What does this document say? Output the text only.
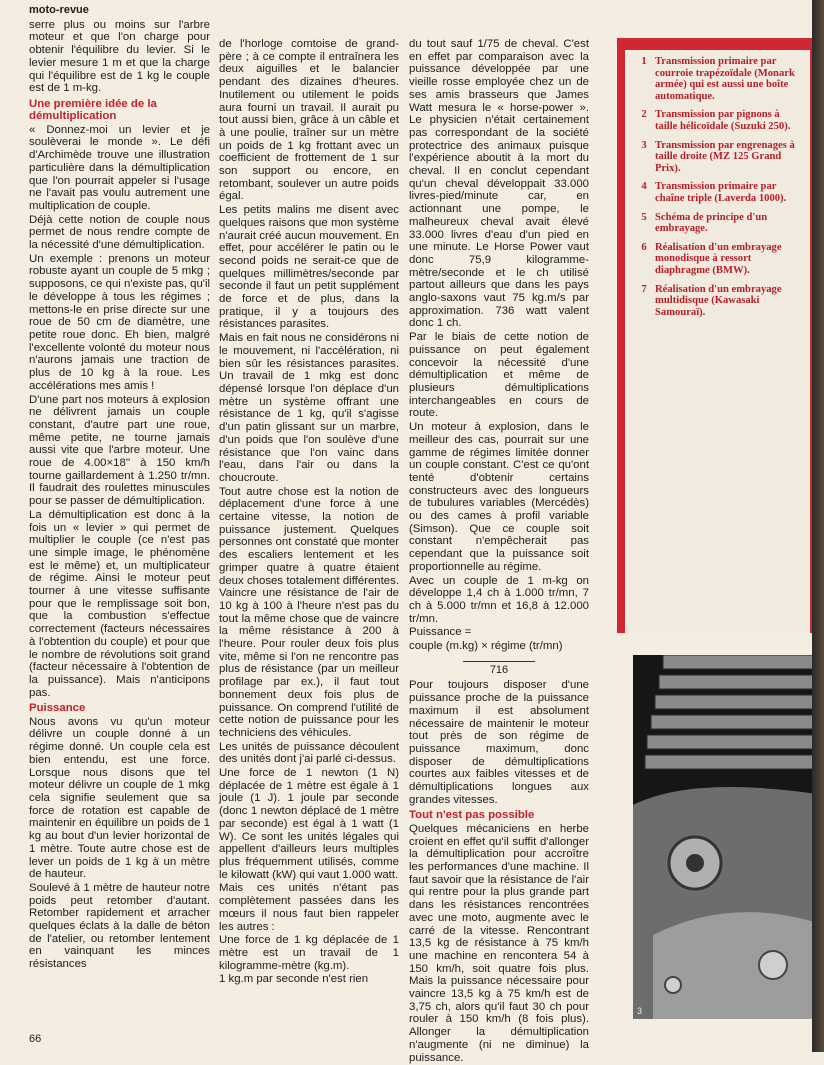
moto-revue

serre plus ou moins sur l'arbre moteur et que l'on charge pour obtenir l'équilibre du levier. Si le levier mesure 1 m et que la charge qui l'équilibre est de 1 kg le couple est de 1 m-kg.

Une première idée de la démultiplication

« Donnez-moi un levier et je soulèverai le monde ». Le défi d'Archimède trouve une illustration particulière dans la démultiplication que l'on pourrait appeler si l'usage ne l'avait pas voulu autrement une multiplication de couple.

Déjà cette notion de couple nous permet de nous rendre compte de la nécessité d'une démultiplication.

Un exemple : prenons un moteur robuste ayant un couple de 5 mkg ; supposons, ce qui n'existe pas, qu'il le développe à tous les régimes ; mettons-le en prise directe sur une roue de 50 cm de diamètre, une petite roue donc. Eh bien, malgré l'excellente volonté du moteur nous n'aurons jamais une traction de plus de 10 kg à la roue. Les accélérations mes amis !

D'une part nos moteurs à explosion ne délivrent jamais un couple constant, d'autre part une roue, même petite, ne tourne jamais aussi vite que l'arbre moteur. Une roue de 4.00×18'' à 150 km/h tourne gaillardement à 1.250 tr/mn. Il faudrait des roulettes minuscules pour se passer de démultiplication.

La démultiplication est donc à la fois un « levier » qui permet de multiplier le couple (ce n'est pas une simple image, le phénomène est le même) et, un multiplicateur de régime. Ainsi le moteur peut tourner à une vitesse suffisante pour que le remplissage soit bon, que la combustion s'effectue correctement (facteurs nécessaires à l'obtention du couple) et pour que le nombre de révolutions soit grand (facteur nécessaire à l'obtention de la puissance). Mais n'anticipons pas.

Puissance

Nous avons vu qu'un moteur délivre un couple donné à un régime donné. Un couple cela est bien entendu, est une force. Lorsque nous disons que tel moteur délivre un couple de 1 mkg cela signifie seulement que sa force de rotation est capable de maintenir en équilibre un poids de 1 kg au bout d'un levier horizontal de 1 mètre. Toute autre chose est de lever un poids de 1 kg à un mètre de hauteur.

Soulevé à 1 mètre de hauteur notre poids peut retomber d'autant. Retomber rapidement et arracher quelques éclats à la dalle de béton de l'atelier, ou retomber lentement en vainquant les minces résistances

de l'horloge comtoise de grand-père ; à ce compte il entraînera les deux aiguilles et le balancier pendant des dizaines d'heures. Inutilement ou utilement le poids aura fourni un travail. Il aurait pu tout aussi bien, grâce à un câble et à une poulie, traîner sur un mètre un poids de 1 kg frottant avec un coefficient de frottement de 1 sur son support ou encore, en retombant, soulever un autre poids égal.

Les petits malins me disent avec quelques raisons que mon système n'aurait créé aucun mouvement. En effet, pour accélérer le patin ou le second poids ne serait-ce que de quelques millimètres/seconde par seconde il faut un petit supplément de force et de plus, dans la pratique, il y a toujours des résistances parasites.

Mais en fait nous ne considérons ni le mouvement, ni l'accélération, ni bien sûr les résistances parasites. Un travail de 1 mkg est donc dépensé lorsque l'on déplace d'un mètre un système offrant une résistance de 1 kg, qu'il s'agisse d'un patin glissant sur un marbre, d'un poids que l'on soulève d'une résistance que l'on vainc dans l'eau, dans l'air ou dans la choucroute.

Tout autre chose est la notion de déplacement d'une force à une certaine vitesse, la notion de puissance justement. Quelques personnes ont constaté que monter des escaliers lentement et les grimper quatre à quatre étaient deux choses totalement différentes. Vaincre une résistance de l'air de 10 kg à 100 à l'heure n'est pas du tout la même chose que de vaincre la même résistance à 200 à l'heure. Pour rouler deux fois plus vite, même si l'on ne rencontre pas plus de résistance (par un meilleur profilage par ex.), il faut tout bonnement deux fois plus de puissance. On comprend l'utilité de cette notion de puissance pour les techniciens des véhicules.

Les unités de puissance découlent des unités dont j'ai parlé ci-dessus.

Une force de 1 newton (1 N) déplacée de 1 mètre est égale à 1 joule (1 J). 1 joule par seconde (donc 1 newton déplacé de 1 mètre par seconde) est égal à 1 watt (1 W). Ce sont les unités légales qui appellent d'ailleurs leurs multiples plus fréquemment utilisés, comme le kilowatt (kW) qui vaut 1.000 watt.

Mais ces unités n'étant pas complètement passées dans les mœurs il nous faut bien rappeler les autres :

Une force de 1 kg déplacée de 1 mètre est un travail de 1 kilogramme-mètre (kg.m).

1 kg.m par seconde n'est rien

du tout sauf 1/75 de cheval. C'est en effet par comparaison avec la puissance développée par une vieille rosse employée chez un de ses amis brasseurs que James Watt mesura le « horse-power ». Le physicien n'était certainement pas correspondant de la société protectrice des animaux puisque l'expérience aboutit à la mort du cheval. Il en conclut cependant qu'un cheval développait 33.000 livres-pied/minute car, en actionnant une pompe, le malheureux cheval avait élevé 33.000 livres d'eau d'un pied en une minute. Le Horse Power vaut donc 75,9 kilogramme-mètre/seconde et le ch utilisé partout ailleurs que dans les pays anglo-saxons vaut 75 kg.m/s par approximation. 736 watt valent donc 1 ch.

Par le biais de cette notion de puissance on peut également concevoir la nécessité d'une démultiplication et même de plusieurs démultiplications interchangeables en cours de route.

Un moteur à explosion, dans le meilleur des cas, pourrait sur une gamme de régimes limitée donner un couple constant. C'est ce qu'ont tenté d'obtenir certains constructeurs avec des longueurs de tubulures variables (Mercédès) ou des cames à profil variable (Simson). Que ce couple soit constant n'empêcherait pas cependant que la puissance soit proportionnelle au régime.

Avec un couple de 1 m-kg on développe 1,4 ch à 1.000 tr/mn, 7 ch à 5.000 tr/mn et 16,8 à 12.000 tr/mn.

Puissance =

couple (m.kg) × régime (tr/mn)

716

Pour toujours disposer d'une puissance proche de la puissance maximum il est absolument nécessaire de maintenir le moteur tout près de son régime de puissance maximum, donc disposer de démultiplications courtes aux faibles vitesses et de démultiplications longues aux grandes vitesses.

Tout n'est pas possible

Quelques mécaniciens en herbe croient en effet qu'il suffit d'allonger la démultiplication pour accroître les performances d'une machine. Il faut savoir que la résistance de l'air qui rentre pour la plus grande part dans les résistances rencontrées avec une moto, augmente avec le carré de la vitesse. Rencontrant 13,5 kg de résistance à 75 km/h une machine en rencontera 54 à 150 km/h, soit quatre fois plus. Mais la puissance nécessaire pour vaincre 13,5 kg à 75 km/h est de 3,75 ch, alors qu'il faut 30 ch pour rouler à 150 km/h (8 fois plus). Allonger la démultiplication n'augmente (ni ne diminue) la puissance.

1 Transmission primaire par courroie trapézoïdale (Monark armée) qui est aussi une boîte automatique.
2 Transmission par pignons à taille hélicoïdale (Suzuki 250).
3 Transmission par engrenages à taille droite (MZ 125 Grand Prix).
4 Transmission primaire par chaîne triple (Laverda 1000).
5 Schéma de principe d'un embrayage.
6 Réalisation d'un embrayage monodisque à ressort diaphragme (BMW).
7 Réalisation d'un embrayage multidisque (Kawasaki Samouraï).
3
66
